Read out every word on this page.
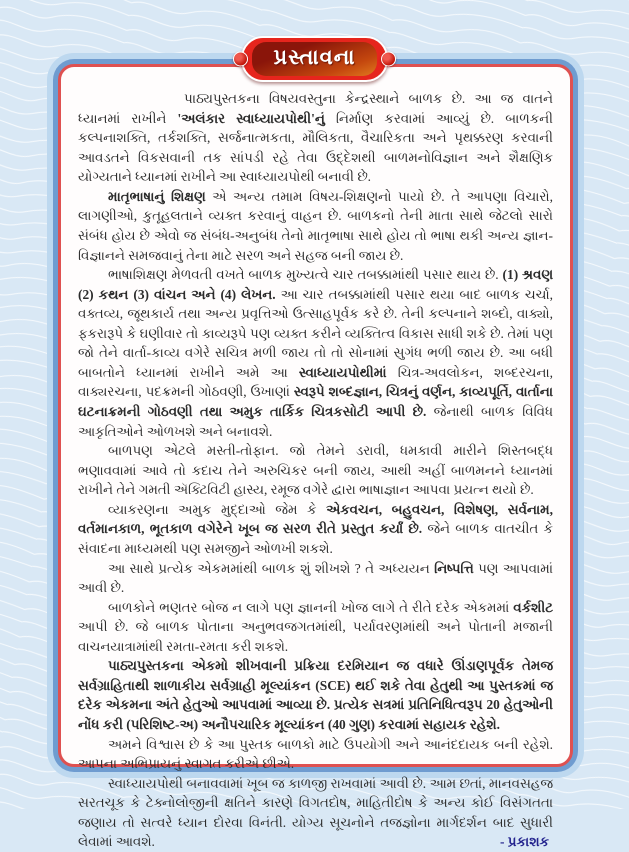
પાઠ્યપુસ્તકના વિષયવસ્તુના કેન્દ્રસ્થાને બાળક છે. આ જ વાતને ધ્યાનમાં રાખીને 'અલંકાર સ્વાધ્યાયપોથી'નું નિર્માણ કરવામાં આવ્યું છે. બાળકની કલ્પનાશક્તિ, તર્કશક્તિ, સર્જનાત્મકતા, મૌલિકતા, વૈચારિકતા અને પૃથક્કરણ કરવાની આવડતને વિકસવાની તક સાંપડી રહે તેવા ઉદ્દેશથી બાળમનોવિજ્ઞાન અને શૈક્ષણિક યોગ્યતાને ધ્યાનમાં રાખીને આ સ્વાધ્યાયપોથી બનાવી છે.

માતૃભાષાનું શિક્ષણ એ અન્ય તમામ વિષય-શિક્ષણનો પાયો છે. તે આપણા વિચારો, લાગણીઓ, કુતૂહલતાને વ્યક્ત કરવાનું વાહન છે. બાળકનો તેની માતા સાથે જેટલો સારો સંબંધ હોય છે એવો જ સંબંધ-અનુબંધ તેનો માતૃભાષા સાથે હોય તો ભાષા થકી અન્ય જ્ઞાન-વિજ્ઞાનને સમજવાનું તેના માટે સરળ અને સહજ બની જાય છે.

ભાષાશિક્ષણ મેળવતી વખતે બાળક મુખ્યત્વે ચાર તબક્કામાંથી પસાર થાય છે. (1) શ્રવણ (2) કથન (3) વાંચન અને (4) લેખન. આ ચાર તબક્કામાંથી પસાર થયા બાદ બાળક ચર્ચા, વક્તવ્ય, જૂથકાર્ય તથા અન્ય પ્રવૃત્તિઓ ઉત્સાહપૂર્વક કરે છે. તેની કલ્પનાને શબ્દો, વાક્યો, ફકરારૂપે કે ઘણીવાર તો કાવ્યરૂપે પણ વ્યક્ત કરીને વ્યક્તિત્વ વિકાસ સાધી શકે છે. તેમાં પણ જો તેને વાર્તા-કાવ્ય વગેરે સચિત્ર મળી જાય તો તો સોનામાં સુગંધ ભળી જાય છે. આ બધી બાબતોને ધ્યાનમાં રાખીને અમે આ સ્વાધ્યાયપોથીમાં ચિત્ર-અવલોકન, શબ્દરચના, વાક્યરચના, પદક્રમની ગોઠવણી, ઉખાણાં સ્વરૂપે શબ્દજ્ઞાન, ચિત્રનું વર્ણન, કાવ્યપૂર્તિ, વાર્તાના ઘટનાક્રમની ગોઠવણી તથા અમુક તાર્કિક ચિત્રકસોટી આપી છે. જેનાથી બાળક વિવિધ આકૃતિઓને ઓળખશે અને બનાવશે.

બાળપણ એટલે મસ્તી-તોફાન. જો તેમને ડરાવી, ધમકાવી મારીને શિસ્તબદ્ધ ભણાવવામાં આવે તો કદાચ તેને અરુચિકર બની જાય, આથી અહીં બાળમનને ધ્યાનમાં રાખીને તેને ગમતી ઍક્ટિવિટી હાસ્ય, રમૂજ વગેરે દ્વારા ભાષાજ્ઞાન આપવા પ્રયત્ન થયો છે.

વ્યાકરણના અમુક મુદ્દાઓ જેમ કે એકવચન, બહુવચન, વિશેષણ, સર્વનામ, વર્તમાનકાળ, ભૂતકાળ વગેરેને ખૂબ જ સરળ રીતે પ્રસ્તુત કર્યાં છે. જેને બાળક વાતચીત કે સંવાદના માધ્યમથી પણ સમજીને ઓળખી શકશે.

આ સાથે પ્રત્યેક એકમમાંથી બાળક શું શીખશે ? તે અધ્યયન નિષ્પત્તિ પણ આપવામાં આવી છે.

બાળકોને ભણતર બોજ ન લાગે પણ જ્ઞાનની ખોજ લાગે તે રીતે દરેક એકમમાં વર્કશીટ આપી છે. જે બાળક પોતાના અનુભવજગતમાંથી, પર્યાવરણમાંથી અને પોતાની મજાની વાચનયાત્રામાંથી રમતા-રમતા કરી શકશે.

પાઠ્યપુસ્તકના એકમો શીખવાની પ્રક્રિયા દરમિયાન જ વધારે ઊંડાણપૂર્વક તેમજ સર્વગ્રાહિતાથી શાળાકીય સર્વગ્રાહી મૂલ્યાંકન (SCE) થઈ શકે તેવા હેતુથી આ પુસ્તકમાં જ દરેક એકમના અંતે હેતુઓ આપવામાં આવ્યા છે. પ્રત્યેક સત્રમાં પ્રતિનિધિત્વરૂપ 20 હેતુઓની નોંધ કરી (પરિશિષ્ટ-અ) અનૌપચારિક મૂલ્યાંકન (40 ગુણ) કરવામાં સહાયક રહેશે.

અમને વિશ્વાસ છે કે આ પુસ્તક બાળકો માટે ઉપયોગી અને આનંદદાયક બની રહેશે. આપના અભિપ્રાયનું સ્વાગત કરીએ છીએ.

સ્વાધ્યાયપોથી બનાવવામાં ખૂબ જ કાળજી રાખવામાં આવી છે. આમ છતાં, માનવસહજ સરતચૂક કે ટેક્નોલોજીની ક્ષતિને કારણે વિગતદોષ, માહિતીદોષ કે અન્ય કોઈ વિસંગતતા જણાય તો સત્વરે ધ્યાન દોરવા વિનંતી. યોગ્ય સૂચનોને તજજ્ઞોના માર્ગદર્શન બાદ સુધારી લેવામાં આવશે.	- પ્રકાશક
પ્રસ્તાવના
